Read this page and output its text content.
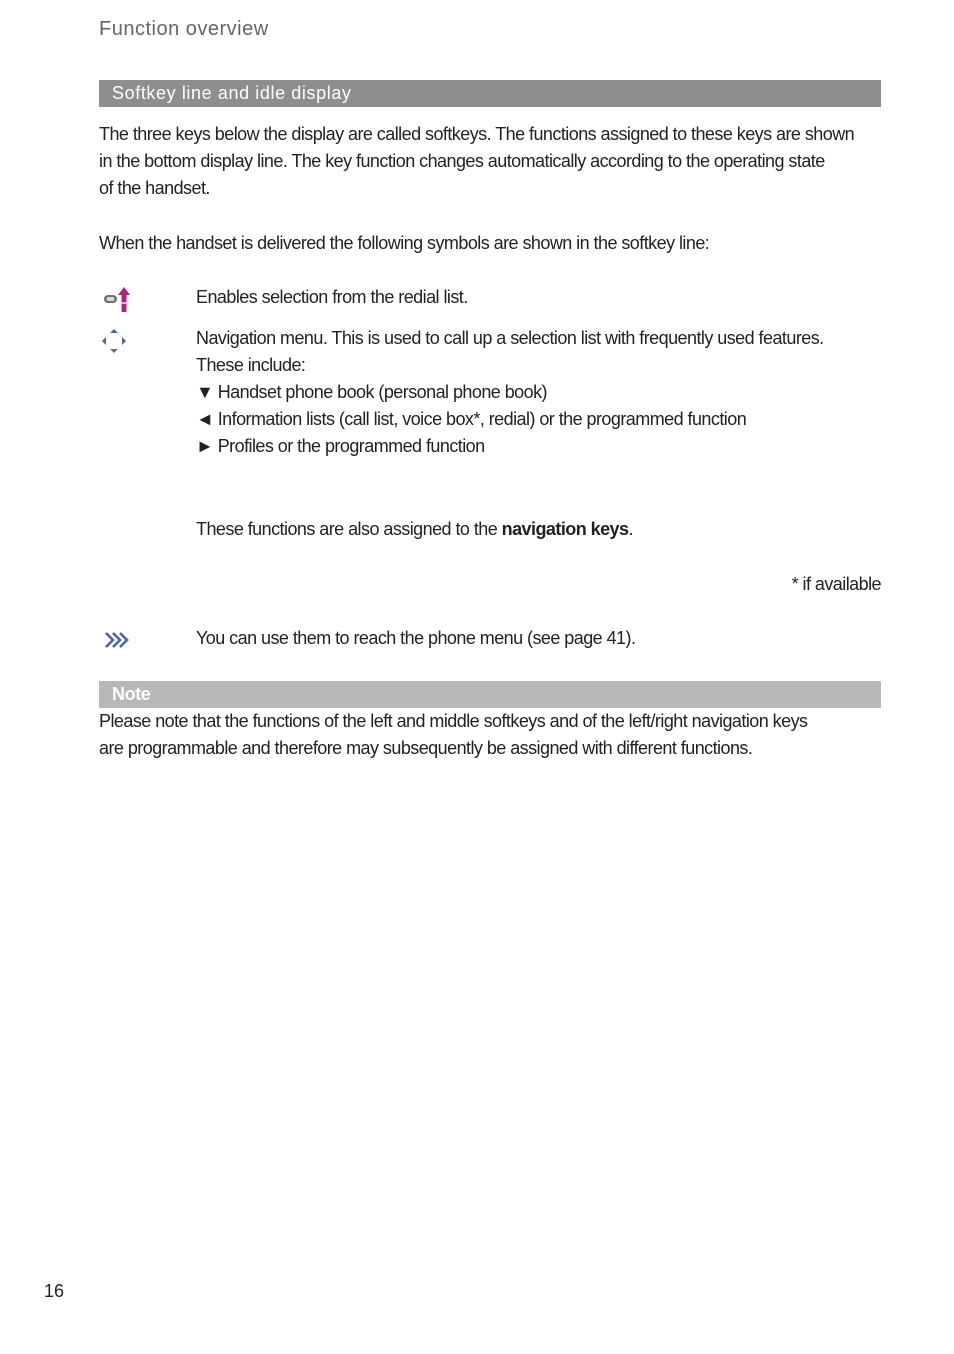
Function overview
Softkey line and idle display
The three keys below the display are called softkeys. The functions assigned to these keys are shown
in the bottom display line. The key function changes automatically according to the operating state
of the handset.
When the handset is delivered the following symbols are shown in the softkey line:
Enables selection from the redial list.
Navigation menu. This is used to call up a selection list with frequently used features.
These include:
▼ Handset phone book (personal phone book)
◄ Information lists (call list, voice box*, redial) or the programmed function
► Profiles or the programmed function
These functions are also assigned to the navigation keys.
* if available
You can use them to reach the phone menu (see page 41).
Note
Please note that the functions of the left and middle softkeys and of the left/right navigation keys
are programmable and therefore may subsequently be assigned with different functions.
16
